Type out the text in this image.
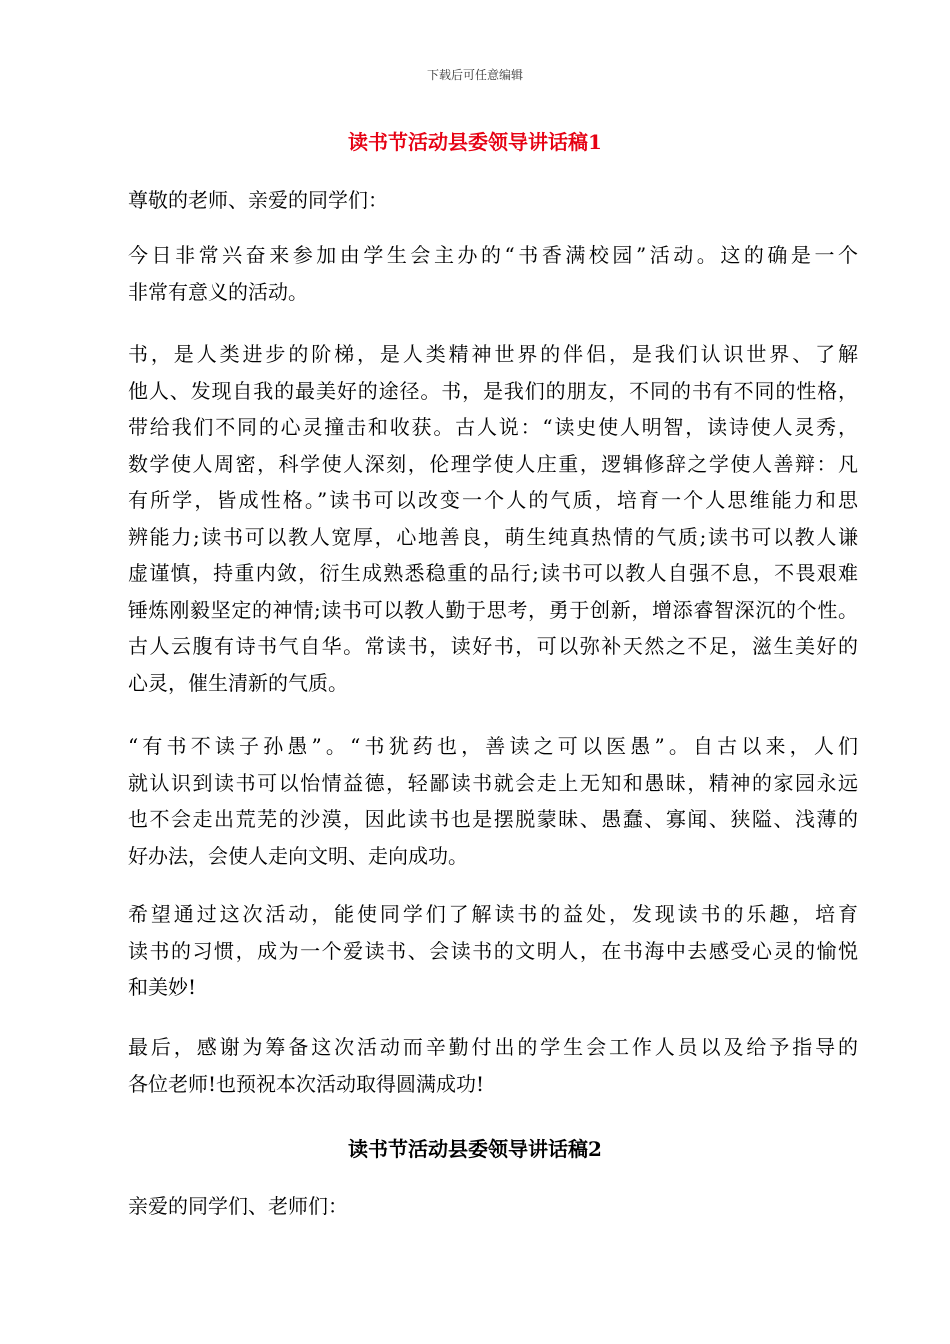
下载后可任意编辑
读书节活动县委领导讲话稿1

尊敬的老师、亲爱的同学们：

今日非常兴奋来参加由学生会主办的“书香满校园”活动。这的确是一个
非常有意义的活动。

书，是人类进步的阶梯，是人类精神世界的伴侣，是我们认识世界、了解
他人、发现自我的最美好的途径。书，是我们的朋友，不同的书有不同的性格，
带给我们不同的心灵撞击和收获。古人说：“读史使人明智，读诗使人灵秀，
数学使人周密，科学使人深刻，伦理学使人庄重，逻辑修辞之学使人善辩：凡
有所学，皆成性格。”读书可以改变一个人的气质，培育一个人思维能力和思
辨能力;读书可以教人宽厚，心地善良，萌生纯真热情的气质;读书可以教人谦
虚谨慎，持重内敛，衍生成熟悉稳重的品行;读书可以教人自强不息，不畏艰难
锤炼刚毅坚定的神情;读书可以教人勤于思考，勇于创新，增添睿智深沉的个性。
古人云腹有诗书气自华。常读书，读好书，可以弥补天然之不足，滋生美好的
心灵，催生清新的气质。

“有书不读子孙愚”。“书犹药也，善读之可以医愚”。自古以来，人们
就认识到读书可以怡情益德，轻鄙读书就会走上无知和愚昧，精神的家园永远
也不会走出荒芜的沙漠，因此读书也是摆脱蒙昧、愚蠢、寡闻、狭隘、浅薄的
好办法，会使人走向文明、走向成功。

希望通过这次活动，能使同学们了解读书的益处，发现读书的乐趣，培育
读书的习惯，成为一个爱读书、会读书的文明人，在书海中去感受心灵的愉悦
和美妙!

最后，感谢为筹备这次活动而辛勤付出的学生会工作人员以及给予指导的
各位老师!也预祝本次活动取得圆满成功!

读书节活动县委领导讲话稿2

亲爱的同学们、老师们：
